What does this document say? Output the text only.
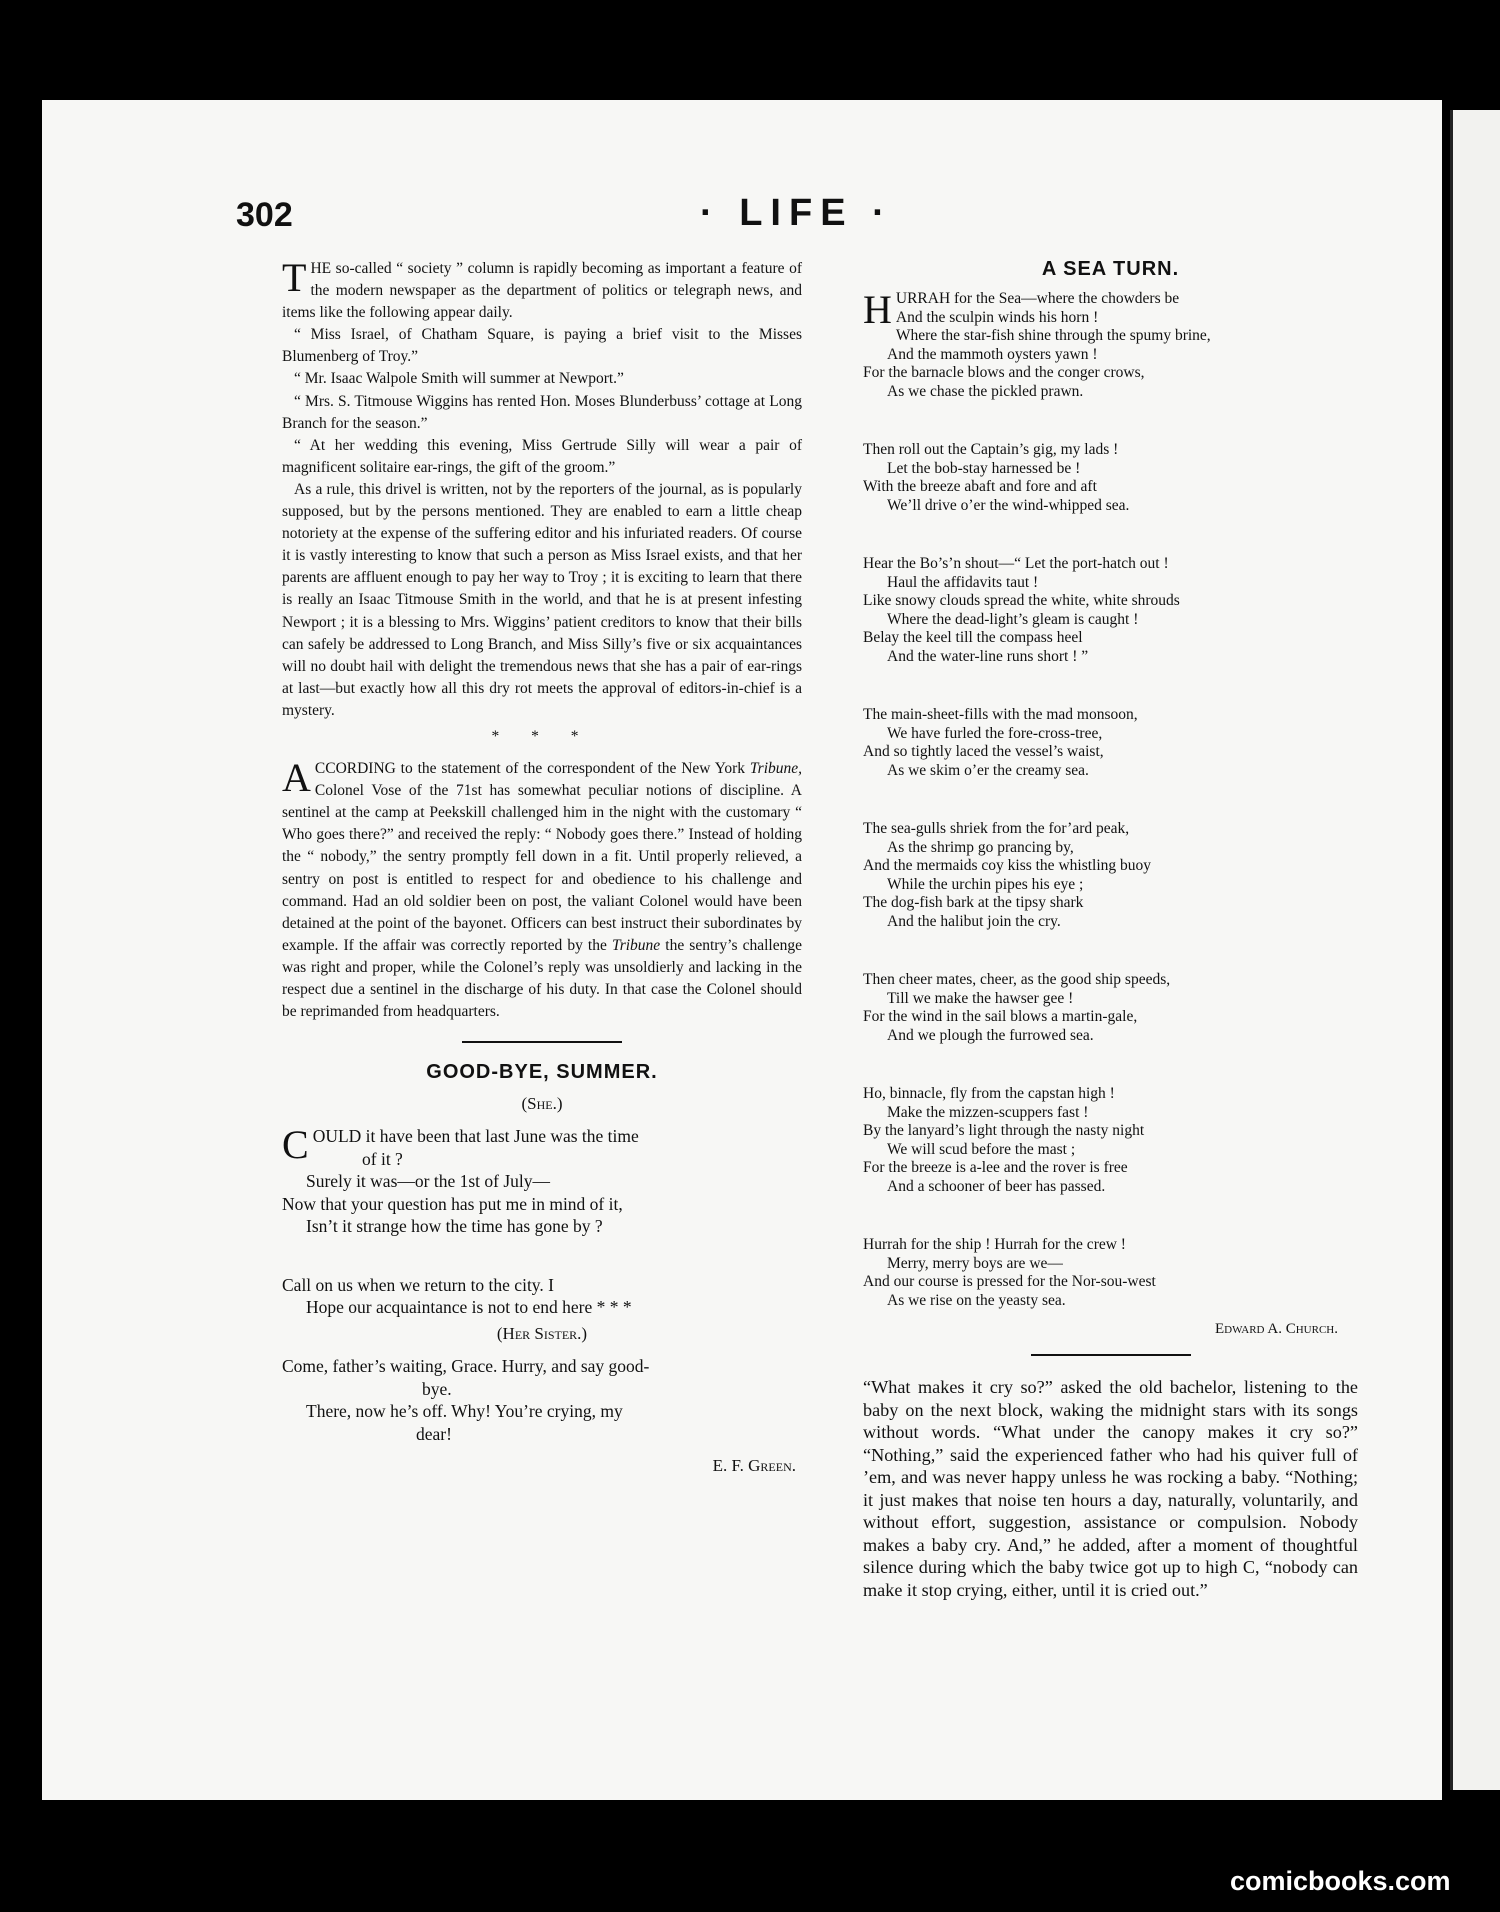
302	· LIFE ·

THE so-called “ society ” column is rapidly becoming as important a feature of the modern newspaper as the department of politics or telegraph news, and items like the following appear daily.

“ Miss Israel, of Chatham Square, is paying a brief visit to the Misses Blumenberg of Troy.”

“ Mr. Isaac Walpole Smith will summer at Newport.”

“ Mrs. S. Titmouse Wiggins has rented Hon. Moses Blunderbuss’ cottage at Long Branch for the season.”

“ At her wedding this evening, Miss Gertrude Silly will wear a pair of magnificent solitaire ear-rings, the gift of the groom.”

As a rule, this drivel is written, not by the reporters of the journal, as is popularly supposed, but by the persons mentioned. They are enabled to earn a little cheap notoriety at the expense of the suffering editor and his infuriated readers. Of course it is vastly interesting to know that such a person as Miss Israel exists, and that her parents are affluent enough to pay her way to Troy ; it is exciting to learn that there is really an Isaac Titmouse Smith in the world, and that he is at present infesting Newport ; it is a blessing to Mrs. Wiggins’ patient creditors to know that their bills can safely be addressed to Long Branch, and Miss Silly’s five or six acquaintances will no doubt hail with delight the tremendous news that she has a pair of ear-rings at last—but exactly how all this dry rot meets the approval of editors-in-chief is a mystery.

* * *

ACCORDING to the statement of the correspondent of the New York Tribune, Colonel Vose of the 71st has somewhat peculiar notions of discipline. A sentinel at the camp at Peekskill challenged him in the night with the customary “ Who goes there?” and received the reply: “ Nobody goes there.” Instead of holding the “ nobody,” the sentry promptly fell down in a fit. Until properly relieved, a sentry on post is entitled to respect for and obedience to his challenge and command. Had an old soldier been on post, the valiant Colonel would have been detained at the point of the bayonet. Officers can best instruct their subordinates by example. If the affair was correctly reported by the Tribune the sentry’s challenge was right and proper, while the Colonel’s reply was unsoldierly and lacking in the respect due a sentinel in the discharge of his duty. In that case the Colonel should be reprimanded from headquarters.

GOOD-BYE, SUMMER.
(She.)
COULD it have been that last June was the time
of it ?
Surely it was—or the 1st of July—
Now that your question has put me in mind of it,
Isn’t it strange how the time has gone by ?
Call on us when we return to the city. I
Hope our acquaintance is not to end here * * *
(Her Sister.)
Come, father’s waiting, Grace. Hurry, and say good-
bye.
There, now he’s off. Why! You’re crying, my
dear!
E. F. Green.
A SEA TURN.
HURRAH for the Sea—where the chowders be
And the sculpin winds his horn !
Where the star-fish shine through the spumy brine,
And the mammoth oysters yawn !
For the barnacle blows and the conger crows,
As we chase the pickled prawn.
Then roll out the Captain’s gig, my lads !
Let the bob-stay harnessed be !
With the breeze abaft and fore and aft
We’ll drive o’er the wind-whipped sea.
Hear the Bo’s’n shout—“ Let the port-hatch out !
Haul the affidavits taut !
Like snowy clouds spread the white, white shrouds
Where the dead-light’s gleam is caught !
Belay the keel till the compass heel
And the water-line runs short ! ”
The main-sheet-fills with the mad monsoon,
We have furled the fore-cross-tree,
And so tightly laced the vessel’s waist,
As we skim o’er the creamy sea.
The sea-gulls shriek from the for’ard peak,
As the shrimp go prancing by,
And the mermaids coy kiss the whistling buoy
While the urchin pipes his eye ;
The dog-fish bark at the tipsy shark
And the halibut join the cry.
Then cheer mates, cheer, as the good ship speeds,
Till we make the hawser gee !
For the wind in the sail blows a martin-gale,
And we plough the furrowed sea.
Ho, binnacle, fly from the capstan high !
Make the mizzen-scuppers fast !
By the lanyard’s light through the nasty night
We will scud before the mast ;
For the breeze is a-lee and the rover is free
And a schooner of beer has passed.
Hurrah for the ship ! Hurrah for the crew !
Merry, merry boys are we—
And our course is pressed for the Nor-sou-west
As we rise on the yeasty sea.
Edward A. Church.
“What makes it cry so?” asked the old bachelor, listening to the baby on the next block, waking the midnight stars with its songs without words. “What under the canopy makes it cry so?” “Nothing,” said the experienced father who had his quiver full of ’em, and was never happy unless he was rocking a baby. “Nothing; it just makes that noise ten hours a day, naturally, voluntarily, and without effort, suggestion, assistance or compulsion. Nobody makes a baby cry. And,” he added, after a moment of thoughtful silence during which the baby twice got up to high C, “nobody can make it stop crying, either, until it is cried out.”
comicbooks.com
